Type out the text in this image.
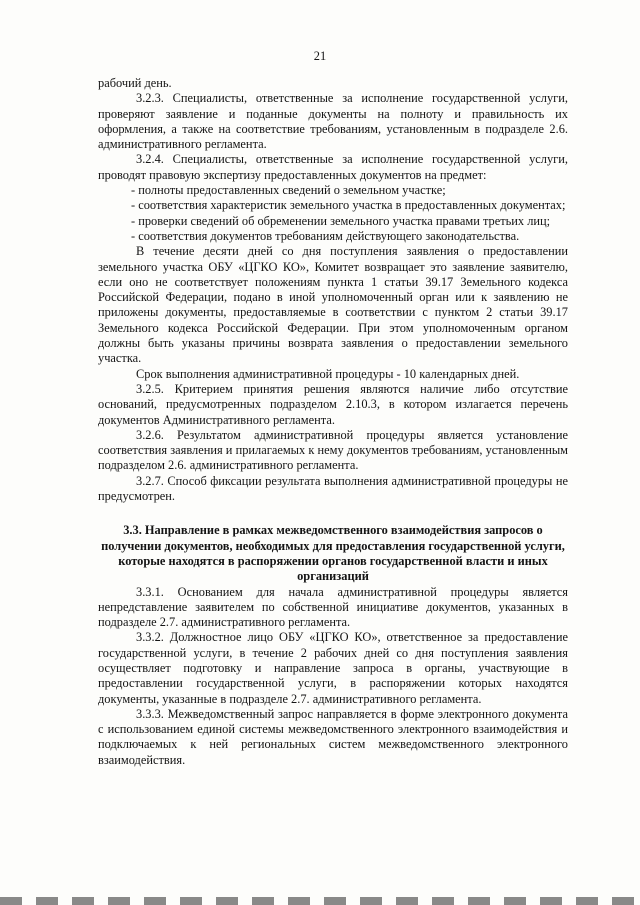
21

рабочий день.

3.2.3. Специалисты, ответственные за исполнение государственной услуги, проверяют заявление и поданные документы на полноту и правильность их оформления, а также на соответствие требованиям, установленным в подразделе 2.6. административного регламента.

3.2.4. Специалисты, ответственные за исполнение государственной услуги, проводят правовую экспертизу предоставленных документов на предмет:

- полноты предоставленных сведений о земельном участке;

- соответствия характеристик земельного участка в предоставленных документах;

- проверки сведений об обременении земельного участка правами третьих лиц;

- соответствия документов требованиям действующего законодательства.

В течение десяти дней со дня поступления заявления о предоставлении земельного участка ОБУ «ЦГКО КО», Комитет возвращает это заявление заявителю, если оно не соответствует положениям пункта 1 статьи 39.17 Земельного кодекса Российской Федерации, подано в иной уполномоченный орган или к заявлению не приложены документы, предоставляемые в соответствии с пунктом 2 статьи 39.17 Земельного кодекса Российской Федерации. При этом уполномоченным органом должны быть указаны причины возврата заявления о предоставлении земельного участка.

Срок выполнения административной процедуры - 10 календарных дней.

3.2.5. Критерием принятия решения являются наличие либо отсутствие оснований, предусмотренных подразделом 2.10.3, в котором излагается перечень документов Административного регламента.

3.2.6. Результатом административной процедуры является установление соответствия заявления и прилагаемых к нему документов требованиям, установленным подразделом 2.6. административного регламента.

3.2.7. Способ фиксации результата выполнения административной процедуры не предусмотрен.

3.3. Направление в рамках межведомственного взаимодействия запросов о получении документов, необходимых для предоставления государственной услуги, которые находятся в распоряжении органов государственной власти и иных организаций

3.3.1. Основанием для начала административной процедуры является непредставление заявителем по собственной инициативе документов, указанных в подразделе 2.7. административного регламента.

3.3.2. Должностное лицо ОБУ «ЦГКО КО», ответственное за предоставление государственной услуги, в течение 2 рабочих дней со дня поступления заявления осуществляет подготовку и направление запроса в органы, участвующие в предоставлении государственной услуги, в распоряжении которых находятся документы, указанные в подразделе 2.7. административного регламента.

3.3.3. Межведомственный запрос направляется в форме электронного документа с использованием единой системы межведомственного электронного взаимодействия и подключаемых к ней региональных систем межведомственного электронного взаимодействия.
